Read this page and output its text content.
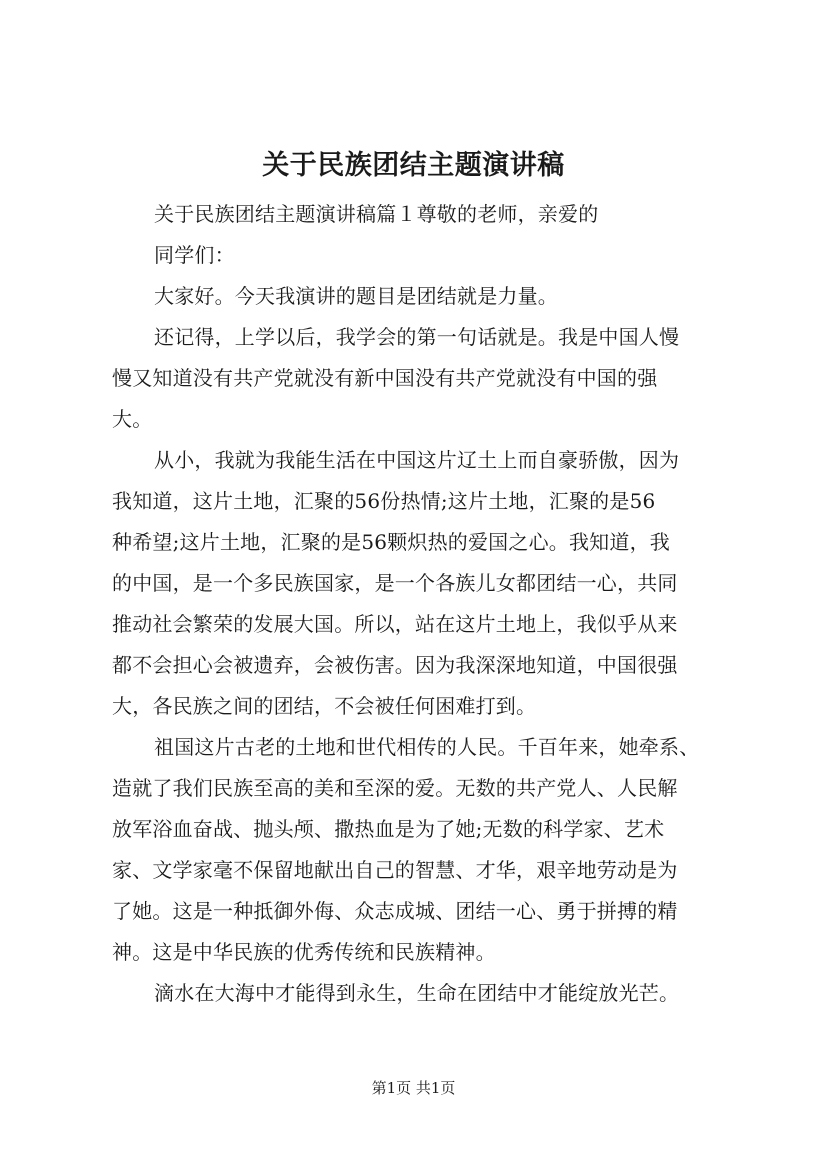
关于民族团结主题演讲稿
关于民族团结主题演讲稿篇１尊敬的老师，亲爱的
同学们：
大家好。今天我演讲的题目是团结就是力量。
还记得，上学以后，我学会的第一句话就是。我是中国人慢
慢又知道没有共产党就没有新中国没有共产党就没有中国的强
大。
从小，我就为我能生活在中国这片辽土上而自豪骄傲，因为
我知道，这片土地，汇聚的56份热情;这片土地，汇聚的是56
种希望;这片土地，汇聚的是56颗炽热的爱国之心。我知道，我
的中国，是一个多民族国家，是一个各族儿女都团结一心，共同
推动社会繁荣的发展大国。所以，站在这片土地上，我似乎从来
都不会担心会被遗弃，会被伤害。因为我深深地知道，中国很强
大，各民族之间的团结，不会被任何困难打到。
祖国这片古老的土地和世代相传的人民。千百年来，她牵系、
造就了我们民族至高的美和至深的爱。无数的共产党人、人民解
放军浴血奋战、抛头颅、撒热血是为了她;无数的科学家、艺术
家、文学家毫不保留地献出自己的智慧、才华，艰辛地劳动是为
了她。这是一种抵御外侮、众志成城、团结一心、勇于拼搏的精
神。这是中华民族的优秀传统和民族精神。
滴水在大海中才能得到永生，生命在团结中才能绽放光芒。
第1页 共1页
